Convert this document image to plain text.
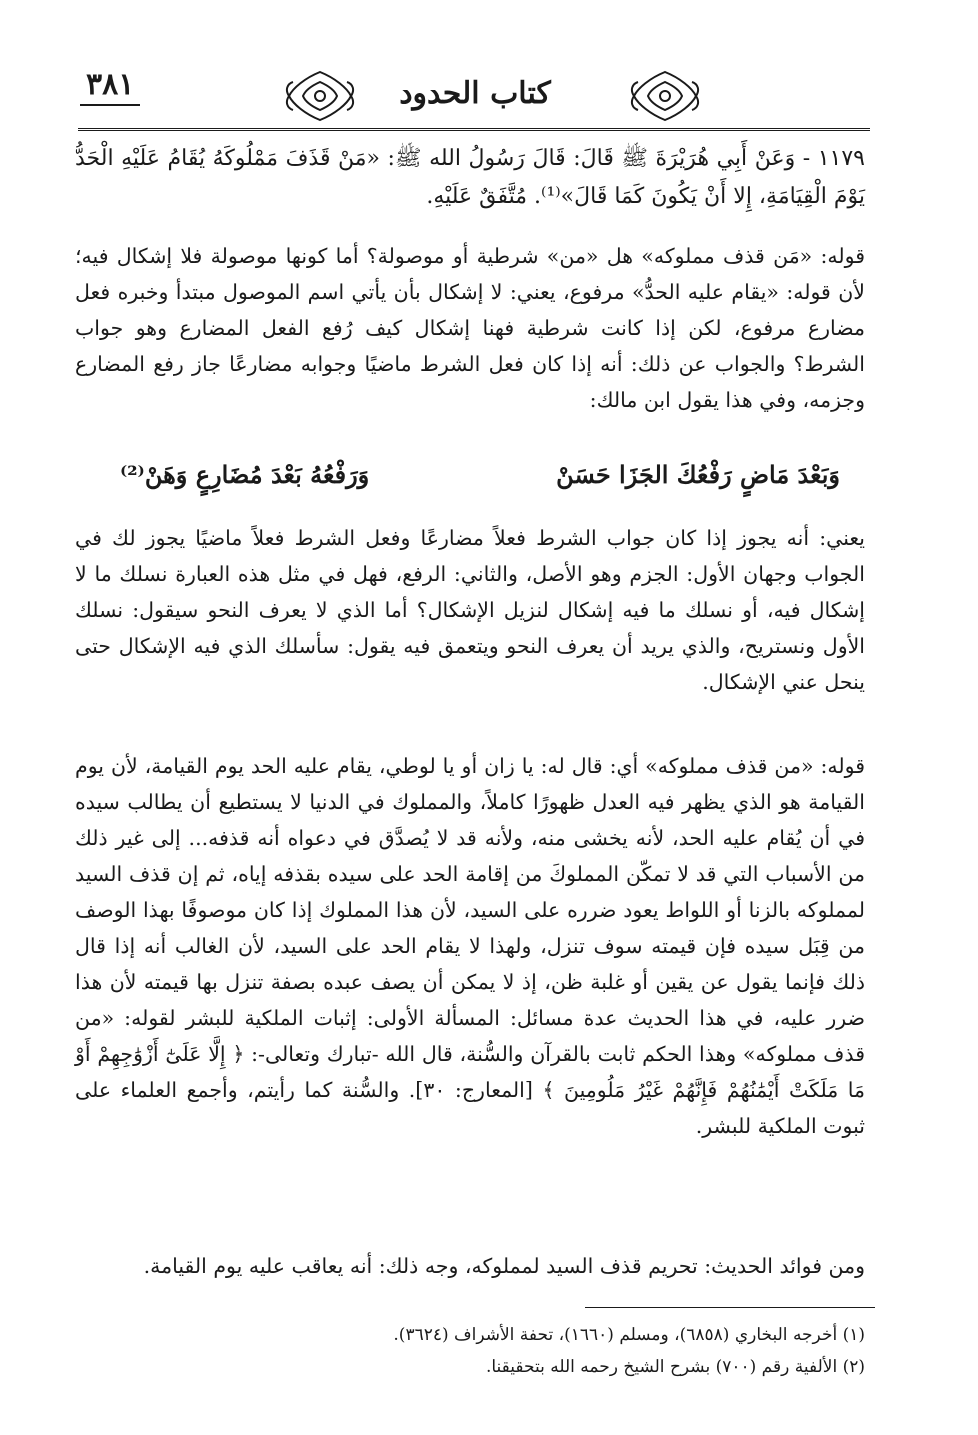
٣٨١	كتاب الحدود

١١٧٩ - وَعَنْ أَبِي هُرَيْرَةَ ﷺ قَالَ: قَالَ رَسُولُ الله ﷺ: «مَنْ قَذَفَ مَمْلُوكَهُ يُقَامُ عَلَيْهِ الْحَدُّ يَوْمَ الْقِيَامَةِ، إِلا أَنْ يَكُونَ كَمَا قَالَ»⁽¹⁾. مُتَّفَقٌ عَلَيْهِ.

قوله: «مَن قذف مملوكه» هل «من» شرطية أو موصولة؟ أما كونها موصولة فلا إشكال فيه؛ لأن قوله: «يقام عليه الحدُّ» مرفوع، يعني: لا إشكال بأن يأتي اسم الموصول مبتدأ وخبره فعل مضارع مرفوع، لكن إذا كانت شرطية فهنا إشكال كيف رُفع الفعل المضارع وهو جواب الشرط؟ والجواب عن ذلك: أنه إذا كان فعل الشرط ماضيًا وجوابه مضارعًا جاز رفع المضارع وجزمه، وفي هذا يقول ابن مالك:

وَبَعْدَ مَاضٍ رَفْعُكَ الجَزَا حَسَنْ
وَرَفْعُهُ بَعْدَ مُضَارِعٍ وَهَنْ⁽²⁾

يعني: أنه يجوز إذا كان جواب الشرط فعلاً مضارعًا وفعل الشرط فعلاً ماضيًا يجوز لك في الجواب وجهان الأول: الجزم وهو الأصل، والثاني: الرفع، فهل في مثل هذه العبارة نسلك ما لا إشكال فيه، أو نسلك ما فيه إشكال لنزيل الإشكال؟ أما الذي لا يعرف النحو سيقول: نسلك الأول ونستريح، والذي يريد أن يعرف النحو ويتعمق فيه يقول: سأسلك الذي فيه الإشكال حتى ينحل عني الإشكال.

قوله: «من قذف مملوكه» أي: قال له: يا زان أو يا لوطي، يقام عليه الحد يوم القيامة، لأن يوم القيامة هو الذي يظهر فيه العدل ظهورًا كاملاً، والمملوك في الدنيا لا يستطيع أن يطالب سيده في أن يُقام عليه الحد، لأنه يخشى منه، ولأنه قد لا يُصدَّق في دعواه أنه قذفه... إلى غير ذلك من الأسباب التي قد لا تمكّن المملوكَ من إقامة الحد على سيده بقذفه إياه، ثم إن قذف السيد لمملوكه بالزنا أو اللواط يعود ضرره على السيد، لأن هذا المملوك إذا كان موصوفًا بهذا الوصف من قِبَل سيده فإن قيمته سوف تنزل، ولهذا لا يقام الحد على السيد، لأن الغالب أنه إذا قال ذلك فإنما يقول عن يقين أو غلبة ظن، إذ لا يمكن أن يصف عبده بصفة تنزل بها قيمته لأن هذا ضرر عليه، في هذا الحديث عدة مسائل: المسألة الأولى: إثبات الملكية للبشر لقوله: «من قذف مملوكه» وهذا الحكم ثابت بالقرآن والسُّنة، قال الله -تبارك وتعالى-: ﴿ إِلَّا عَلَىٰٓ أَزْوَٰجِهِمْ أَوْ مَا مَلَكَتْ أَيْمَٰنُهُمْ فَإِنَّهُمْ غَيْرُ مَلُومِينَ ﴾ [المعارج: ٣٠]. والسُّنة كما رأيتم، وأجمع العلماء على ثبوت الملكية للبشر.

ومن فوائد الحديث: تحريم قذف السيد لمملوكه، وجه ذلك: أنه يعاقب عليه يوم القيامة.

(١) أخرجه البخاري (٦٨٥٨)، ومسلم (١٦٦٠)، تحفة الأشراف (٣٦٢٤).

(٢) الألفية رقم (٧٠٠) بشرح الشيخ رحمه الله بتحقيقنا.
